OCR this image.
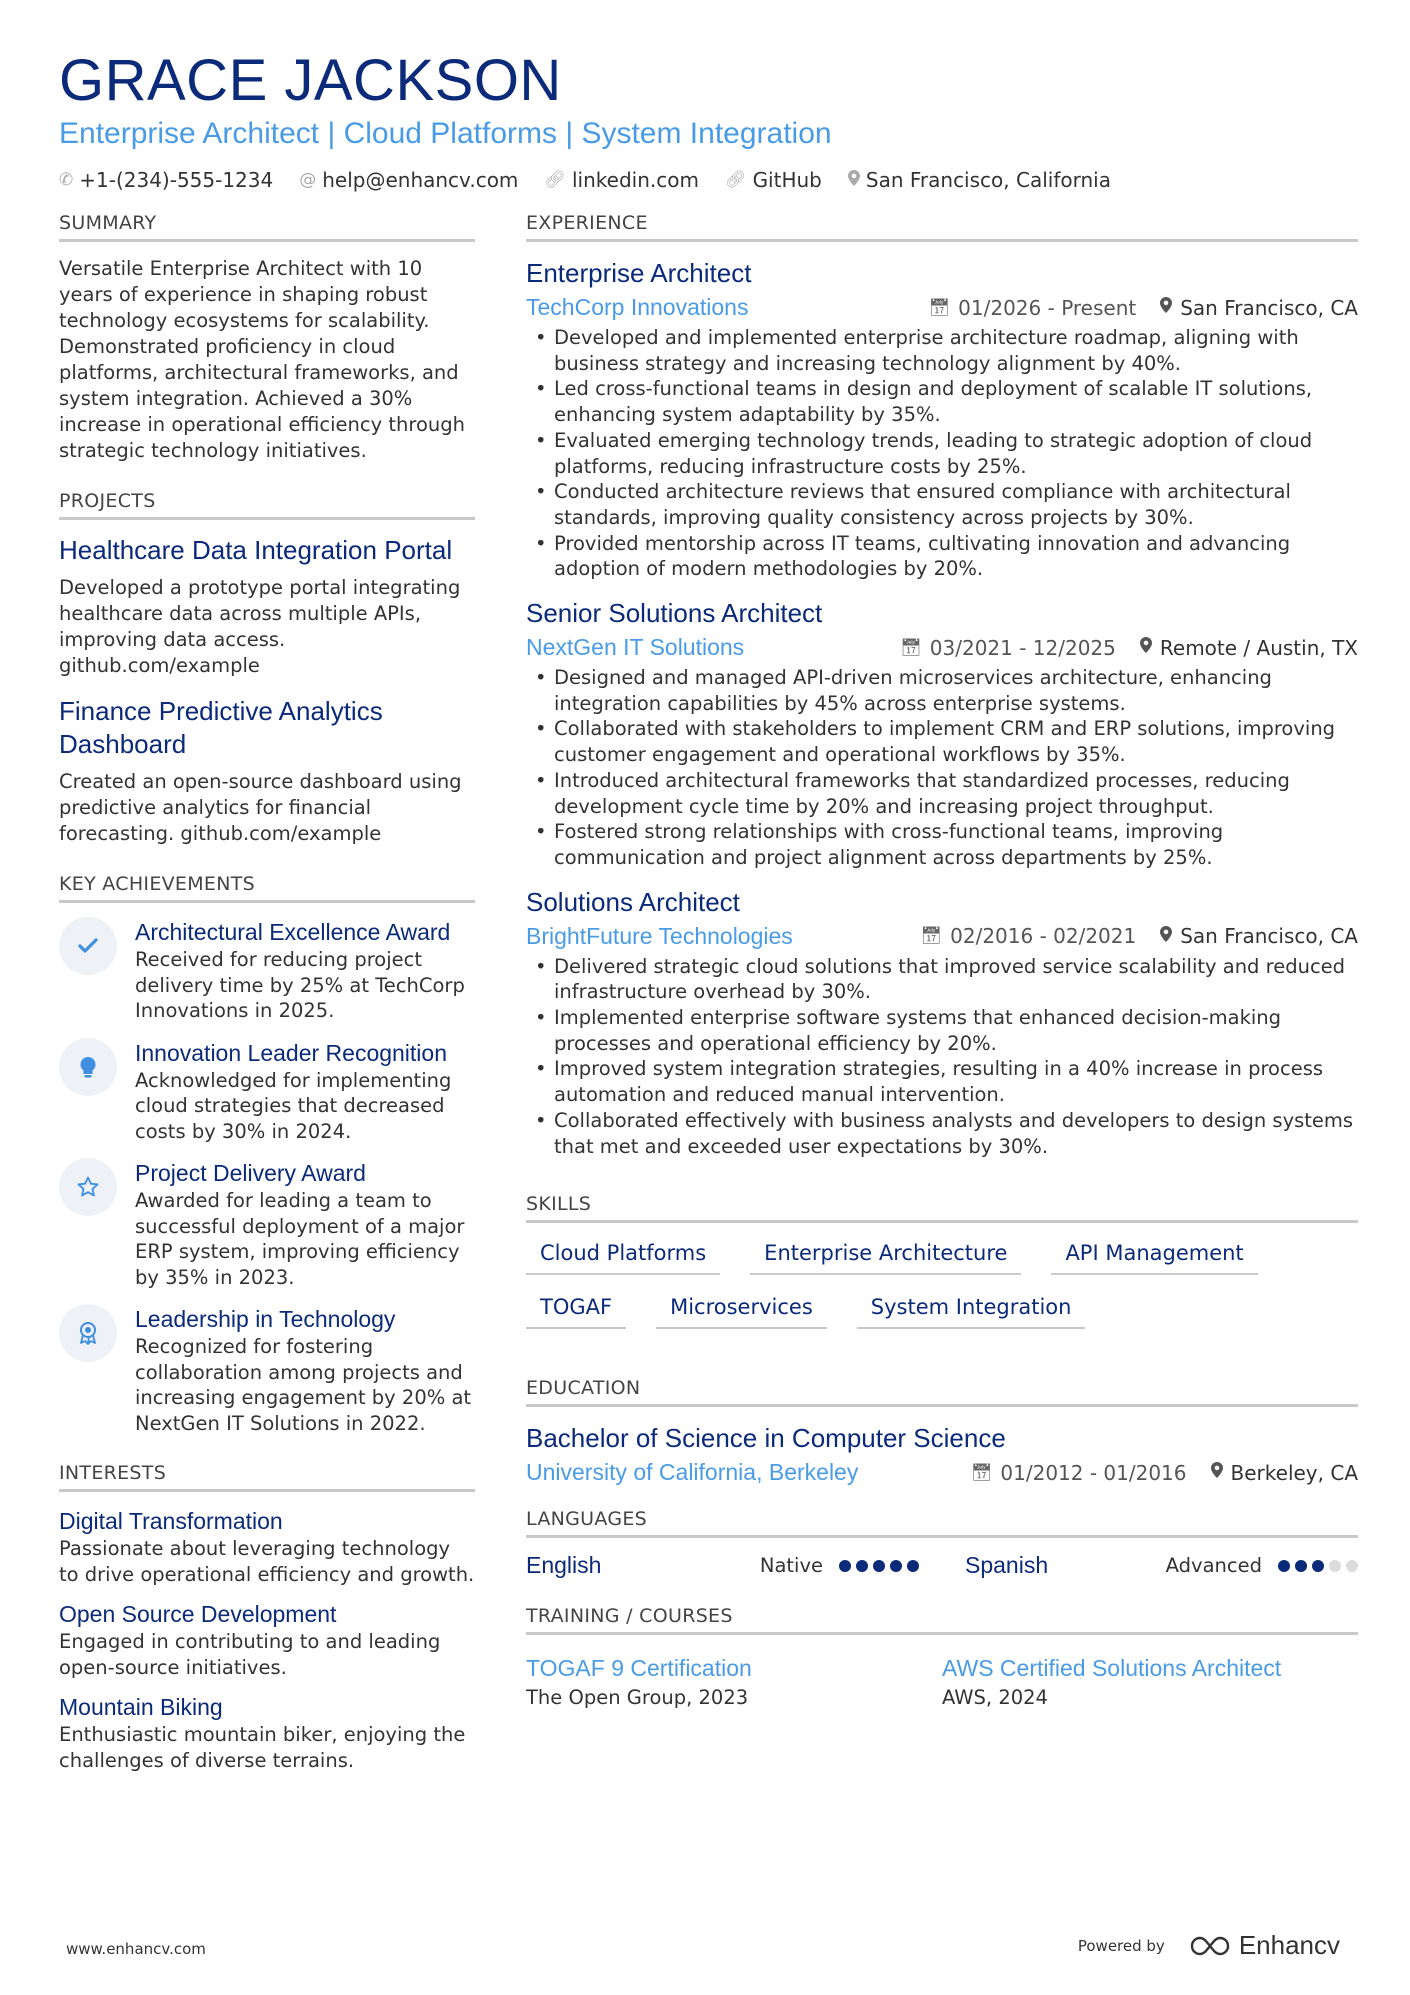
GRACE JACKSON
Enterprise Architect | Cloud Platforms | System Integration
✆ +1-(234)-555-1234 @ help@enhancv.com 🔗︎ linkedin.com 🔗︎ GitHub San Francisco, California
SUMMARY
Versatile Enterprise Architect with 10 years of experience in shaping robust technology ecosystems for scalability. Demonstrated proficiency in cloud platforms, architectural frameworks, and system integration. Achieved a 30% increase in operational efficiency through strategic technology initiatives.
PROJECTS
Healthcare Data Integration Portal
Developed a prototype portal integrating healthcare data across multiple APIs, improving data access. github.com/example
Finance Predictive Analytics Dashboard
Created an open-source dashboard using predictive analytics for financial forecasting. github.com/example
KEY ACHIEVEMENTS
Architectural Excellence Award
Received for reducing project delivery time by 25% at TechCorp Innovations in 2025.
Innovation Leader Recognition
Acknowledged for implementing cloud strategies that decreased costs by 30% in 2024.
Project Delivery Award
Awarded for leading a team to successful deployment of a major ERP system, improving efficiency by 35% in 2023.
Leadership in Technology
Recognized for fostering collaboration among projects and increasing engagement by 20% at NextGen IT Solutions in 2022.
INTERESTS
Digital Transformation
Passionate about leveraging technology to drive operational efficiency and growth.
Open Source Development
Engaged in contributing to and leading open-source initiatives.
Mountain Biking
Enthusiastic mountain biker, enjoying the challenges of diverse terrains.
EXPERIENCE
Enterprise Architect
TechCorp Innovations	📅︎ 01/2026 - Present San Francisco, CA
• Developed and implemented enterprise architecture roadmap, aligning with business strategy and increasing technology alignment by 40%.
• Led cross-functional teams in design and deployment of scalable IT solutions, enhancing system adaptability by 35%.
• Evaluated emerging technology trends, leading to strategic adoption of cloud platforms, reducing infrastructure costs by 25%.
• Conducted architecture reviews that ensured compliance with architectural standards, improving quality consistency across projects by 30%.
• Provided mentorship across IT teams, cultivating innovation and advancing adoption of modern methodologies by 20%.
Senior Solutions Architect
NextGen IT Solutions	📅︎ 03/2021 - 12/2025 Remote / Austin, TX
• Designed and managed API-driven microservices architecture, enhancing integration capabilities by 45% across enterprise systems.
• Collaborated with stakeholders to implement CRM and ERP solutions, improving customer engagement and operational workflows by 35%.
• Introduced architectural frameworks that standardized processes, reducing development cycle time by 20% and increasing project throughput.
• Fostered strong relationships with cross-functional teams, improving communication and project alignment across departments by 25%.
Solutions Architect
BrightFuture Technologies	📅︎ 02/2016 - 02/2021 San Francisco, CA
• Delivered strategic cloud solutions that improved service scalability and reduced infrastructure overhead by 30%.
• Implemented enterprise software systems that enhanced decision-making processes and operational efficiency by 20%.
• Improved system integration strategies, resulting in a 40% increase in process automation and reduced manual intervention.
• Collaborated effectively with business analysts and developers to design systems that met and exceeded user expectations by 30%.
SKILLS
Cloud Platforms	Enterprise Architecture	API Management
TOGAF	Microservices	System Integration
EDUCATION
Bachelor of Science in Computer Science
University of California, Berkeley	📅︎ 01/2012 - 01/2016 Berkeley, CA
LANGUAGES
English	Native	Spanish	Advanced
TRAINING / COURSES
TOGAF 9 Certification
The Open Group, 2023
AWS Certified Solutions Architect
AWS, 2024
www.enhancv.com	Powered by	Enhancv
